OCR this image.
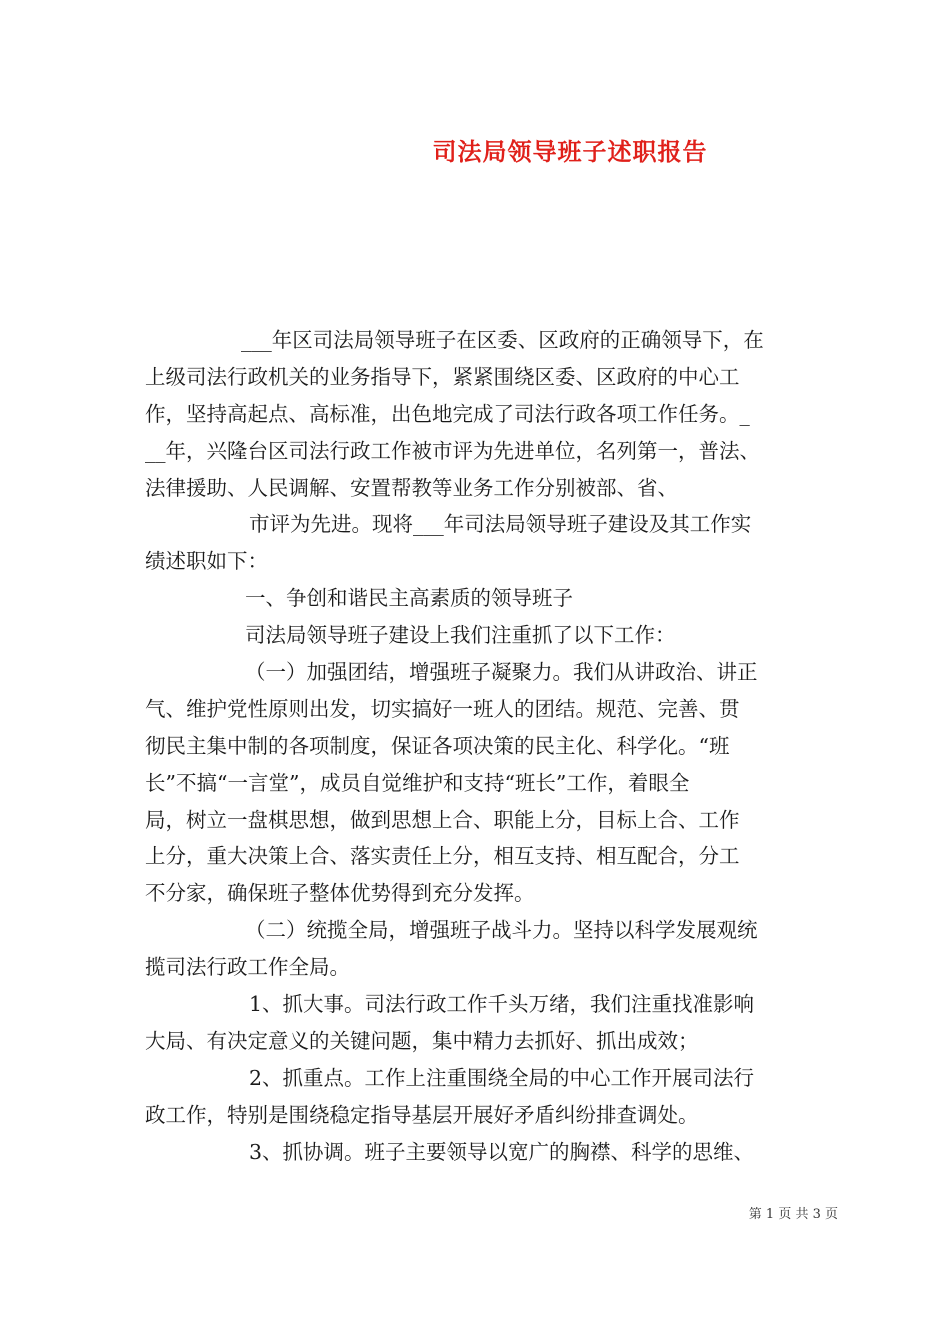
司法局领导班子述职报告
___年区司法局领导班子在区委、区政府的正确领导下，在
上级司法行政机关的业务指导下，紧紧围绕区委、区政府的中心工
作，坚持高起点、高标准，出色地完成了司法行政各项工作任务。_
__年，兴隆台区司法行政工作被市评为先进单位，名列第一，普法、
法律援助、人民调解、安置帮教等业务工作分别被部、省、
市评为先进。现将___年司法局领导班子建设及其工作实
绩述职如下：
一、争创和谐民主高素质的领导班子
司法局领导班子建设上我们注重抓了以下工作：
（一）加强团结，增强班子凝聚力。我们从讲政治、讲正
气、维护党性原则出发，切实搞好一班人的团结。规范、完善、贯
彻民主集中制的各项制度，保证各项决策的民主化、科学化。“班
长”不搞“一言堂”，成员自觉维护和支持“班长”工作，着眼全
局，树立一盘棋思想，做到思想上合、职能上分，目标上合、工作
上分，重大决策上合、落实责任上分，相互支持、相互配合，分工
不分家，确保班子整体优势得到充分发挥。
（二）统揽全局，增强班子战斗力。坚持以科学发展观统
揽司法行政工作全局。
1、抓大事。司法行政工作千头万绪，我们注重找准影响
大局、有决定意义的关键问题，集中精力去抓好、抓出成效；
2、抓重点。工作上注重围绕全局的中心工作开展司法行
政工作，特别是围绕稳定指导基层开展好矛盾纠纷排查调处。
3、抓协调。班子主要领导以宽广的胸襟、科学的思维、
第 1 页 共 3 页
